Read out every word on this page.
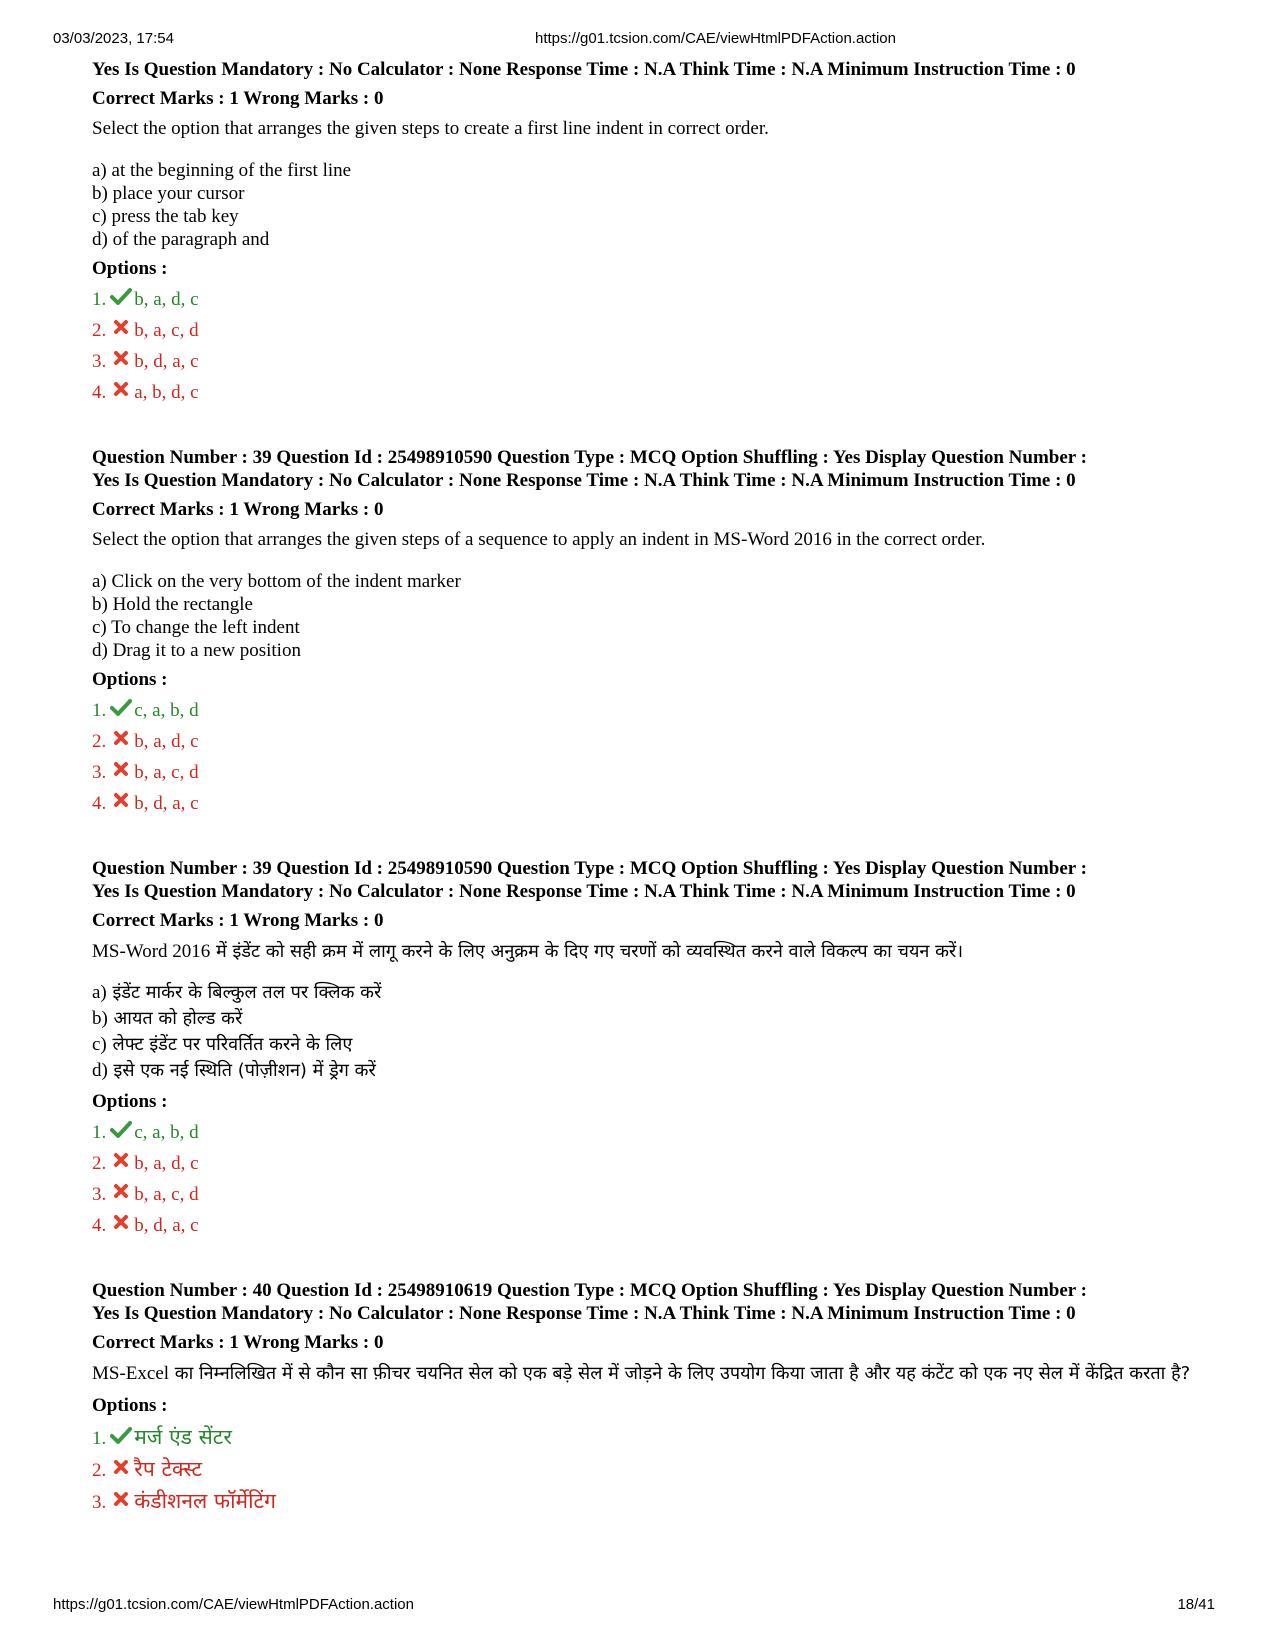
03/03/2023, 17:54	https://g01.tcsion.com/CAE/viewHtmlPDFAction.action

Yes Is Question Mandatory : No Calculator : None Response Time : N.A Think Time : N.A Minimum Instruction Time : 0

Correct Marks : 1 Wrong Marks : 0

Select the option that arranges the given steps to create a first line indent in correct order.

a) at the beginning of the first line
b) place your cursor
c) press the tab key
d) of the paragraph and

Options :

1. b, a, d, c
2. b, a, c, d
3. b, d, a, c
4. a, b, d, c

Question Number : 39 Question Id : 25498910590 Question Type : MCQ Option Shuffling : Yes Display Question Number :

Yes Is Question Mandatory : No Calculator : None Response Time : N.A Think Time : N.A Minimum Instruction Time : 0

Correct Marks : 1 Wrong Marks : 0

Select the option that arranges the given steps of a sequence to apply an indent in MS-Word 2016 in the correct order.

a) Click on the very bottom of the indent marker
b) Hold the rectangle
c) To change the left indent
d) Drag it to a new position

Options :

1. c, a, b, d
2. b, a, d, c
3. b, a, c, d
4. b, d, a, c

Question Number : 39 Question Id : 25498910590 Question Type : MCQ Option Shuffling : Yes Display Question Number :

Yes Is Question Mandatory : No Calculator : None Response Time : N.A Think Time : N.A Minimum Instruction Time : 0

Correct Marks : 1 Wrong Marks : 0

MS-Word 2016 में इंडेंट को सही क्रम में लागू करने के लिए अनुक्रम के दिए गए चरणों को व्यवस्थित करने वाले विकल्प का चयन करें।

a) इंडेंट मार्कर के बिल्कुल तल पर क्लिक करें
b) आयत को होल्ड करें
c) लेफ्ट इंडेंट पर परिवर्तित करने के लिए
d) इसे एक नई स्थिति (पोज़ीशन) में ड्रेग करें

Options :

1. c, a, b, d
2. b, a, d, c
3. b, a, c, d
4. b, d, a, c

Question Number : 40 Question Id : 25498910619 Question Type : MCQ Option Shuffling : Yes Display Question Number :

Yes Is Question Mandatory : No Calculator : None Response Time : N.A Think Time : N.A Minimum Instruction Time : 0

Correct Marks : 1 Wrong Marks : 0

MS-Excel का निम्नलिखित में से कौन सा फ़ीचर चयनित सेल को एक बड़े सेल में जोड़ने के लिए उपयोग किया जाता है और यह कंटेंट को एक नए सेल में केंद्रित करता है?

Options :

1. मर्ज एंड सेंटर
2. रैप टेक्स्ट
3. कंडीशनल फॉर्मेटिंग
https://g01.tcsion.com/CAE/viewHtmlPDFAction.action	18/41
